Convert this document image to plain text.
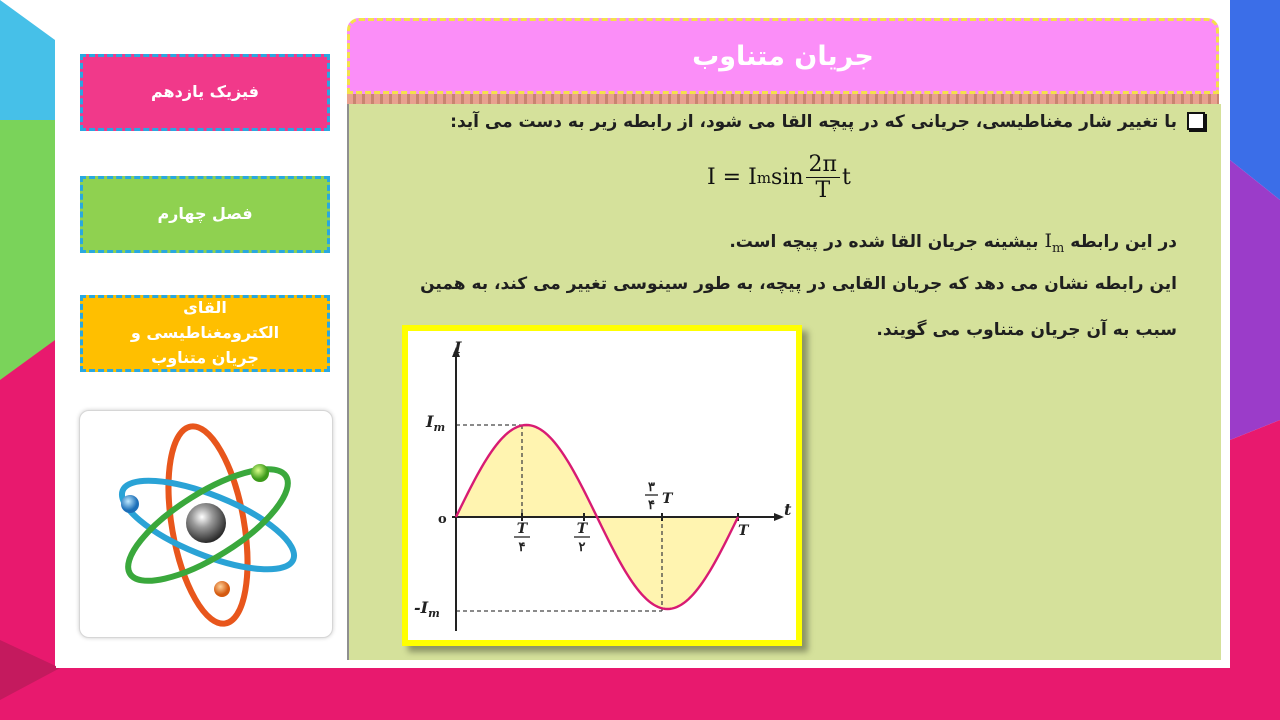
فیزیک یازدهم
فصل چهارم
القای الکترومغناطیسی و جریان متناوب
جریان متناوب
با تغییر شار مغناطیسی، جریانی که در پیچه القا می شود، از رابطه زیر به دست می آید:
در این رابطه $I_m$ بیشینه جریان القا شده در پیچه است.
این رابطه نشان می دهد که جریان القایی در پیچه، به طور سینوسی تغییر می کند، به همین
سبب به آن جریان متناوب می گویند.
I = I m $\sin \frac{2\pi}{T}$ t
I
t
o
$I_m$
$-I_m$
T
۴
T
۲
۳
۴ T
T
